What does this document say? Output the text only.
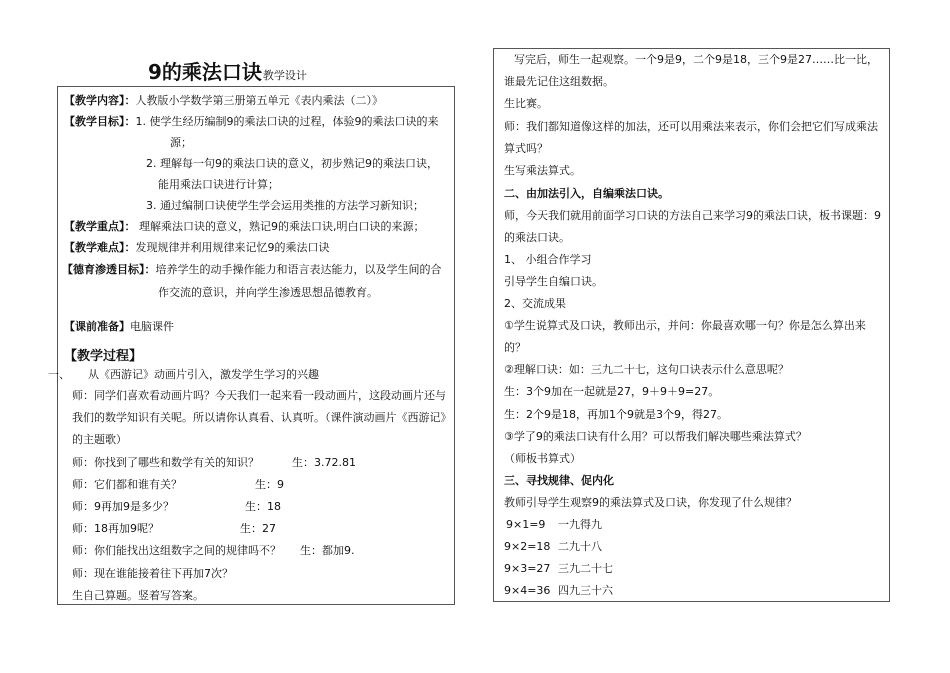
9的乘法口诀教学设计
【教学内容】：人教版小学数学第三册第五单元《表内乘法（二）》
【教学目标】：1. 使学生经历编制9的乘法口诀的过程，体验9的乘法口诀的来
源；
2. 理解每一句9的乘法口诀的意义，初步熟记9的乘法口诀，
能用乘法口诀进行计算；
3. 通过编制口诀使学生学会运用类推的方法学习新知识；
【教学重点】： 理解乘法口诀的意义，熟记9的乘法口诀,明白口诀的来源；
【教学难点】：发现规律并利用规律来记忆9的乘法口诀
【德育渗透目标】：培养学生的动手操作能力和语言表达能力，以及学生间的合
作交流的意识，并向学生渗透思想品德教育。
【课前准备】电脑课件
【教学过程】
一、 从《西游记》动画片引入，激发学生学习的兴趣
师：同学们喜欢看动画片吗？今天我们一起来看一段动画片，这段动画片还与
我们的数学知识有关呢。所以请你认真看、认真听。（课件演动画片《西游记》
的主题歌）
师：你找到了哪些和数学有关的知识？	生：3.72.81
师：它们都和谁有关？	生：9
师：9再加9是多少？	生：18
师：18再加9呢？	生：27
师：你们能找出这组数字之间的规律吗不？ 生：都加9.
师：现在谁能接着往下再加7次？
生自己算题。竖着写答案。
写完后，师生一起观察。一个9是9，二个9是18，三个9是27……比一比，
谁最先记住这组数据。
生比赛。
师：我们都知道像这样的加法，还可以用乘法来表示，你们会把它们写成乘法
算式吗？
生写乘法算式。
二、由加法引入，自编乘法口诀。
师，今天我们就用前面学习口诀的方法自己来学习9的乘法口诀，板书课题：9
的乘法口诀。
1、 小组合作学习
引导学生自编口诀。
2、交流成果
①学生说算式及口诀，教师出示，并问：你最喜欢哪一句？你是怎么算出来
的？
②理解口诀：如：三九二十七，这句口诀表示什么意思呢？
生：3个9加在一起就是27，9＋9＋9=27。
生：2个9是18，再加1个9就是3个9，得27。
③学了9的乘法口诀有什么用？可以帮我们解决哪些乘法算式？
（师板书算式）
三、寻找规律、促内化
教师引导学生观察9的乘法算式及口诀，你发现了什么规律？
9×1=9 一九得九
9×2=18 二九十八
9×3=27 三九二十七
9×4=36 四九三十六
